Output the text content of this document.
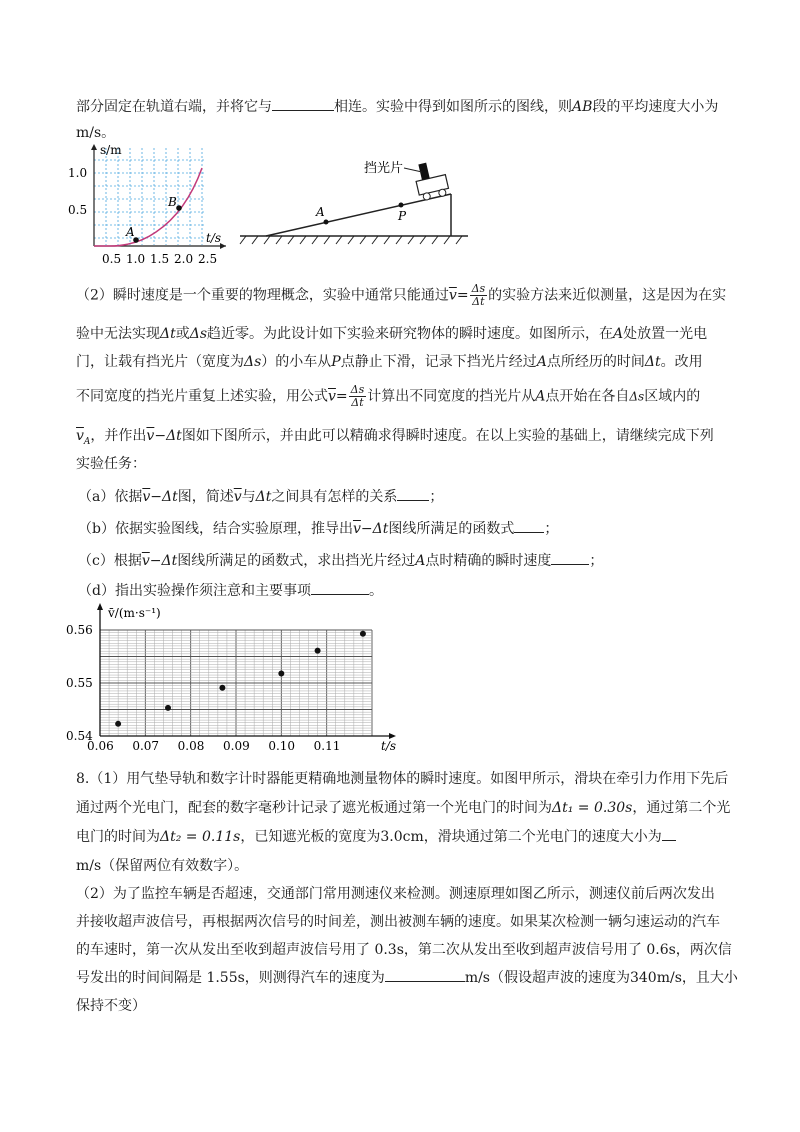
部分固定在轨道右端，并将它与	相连。实验中得到如图所示的图线，则AB段的平均速度大小为
m/s。
A
B
s/m
t/s
1.0
0.5
0.5 1.0 1.5 2.0 2.5
A	P
挡光片
（2）瞬时速度是一个重要的物理概念，实验中通常只能通过$\overline{v}= \frac{\Delta s}{\Delta t}$ 的实验方法来近似测量，这是因为在实
验中无法实现Δt或Δs趋近零。为此设计如下实验来研究物体的瞬时速度。如图所示，在A处放置一光电
门，让载有挡光片（宽度为Δs）的小车从P点静止下滑，记录下挡光片经过A点所经历的时间Δt。改用
不同宽度的挡光片重复上述实验，用公式$\overline{v}= \frac{\Delta s}{\Delta t}$ 计算出不同宽度的挡光片从A点开始在各自Δs区域内的
$\overline{v}_A$，并作出$\overline{v}-\Delta t$图如下图所示，并由此可以精确求得瞬时速度。在以上实验的基础上，请继续完成下列
实验任务：
（a）依据$\overline{v}-\Delta t$图，简述$\overline{v}$与Δt之间具有怎样的关系 ；
（b）依据实验图线，结合实验原理，推导出$\overline{v}-\Delta t$图线所满足的函数式 ；
（c）根据$\overline{v}-\Delta t$图线所满足的函数式，求出挡光片经过A点时精确的瞬时速度	；
（d）指出实验操作须注意和主要事项	。
v̄/(m·s⁻¹)
t/s
0.06 0.07 0.08 0.09 0.10 0.11
0.54
0.55
0.56
8.（1）用气垫导轨和数字计时器能更精确地测量物体的瞬时速度。如图甲所示，滑块在牵引力作用下先后
通过两个光电门，配套的数字毫秒计记录了遮光板通过第一个光电门的时间为Δt₁ = 0.30s，通过第二个光
电门的时间为Δt₂ = 0.11s，已知遮光板的宽度为3.0cm，滑块通过第二个光电门的速度大小为
m/s（保留两位有效数字）。
（2）为了监控车辆是否超速，交通部门常用测速仪来检测。测速原理如图乙所示，测速仪前后两次发出
并接收超声波信号，再根据两次信号的时间差，测出被测车辆的速度。如果某次检测一辆匀速运动的汽车
的车速时，第一次从发出至收到超声波信号用了 0.3s，第二次从发出至收到超声波信号用了 0.6s，两次信
号发出的时间间隔是 1.55s，则测得汽车的速度为	m/s（假设超声波的速度为340m/s，且大小
保持不变）
